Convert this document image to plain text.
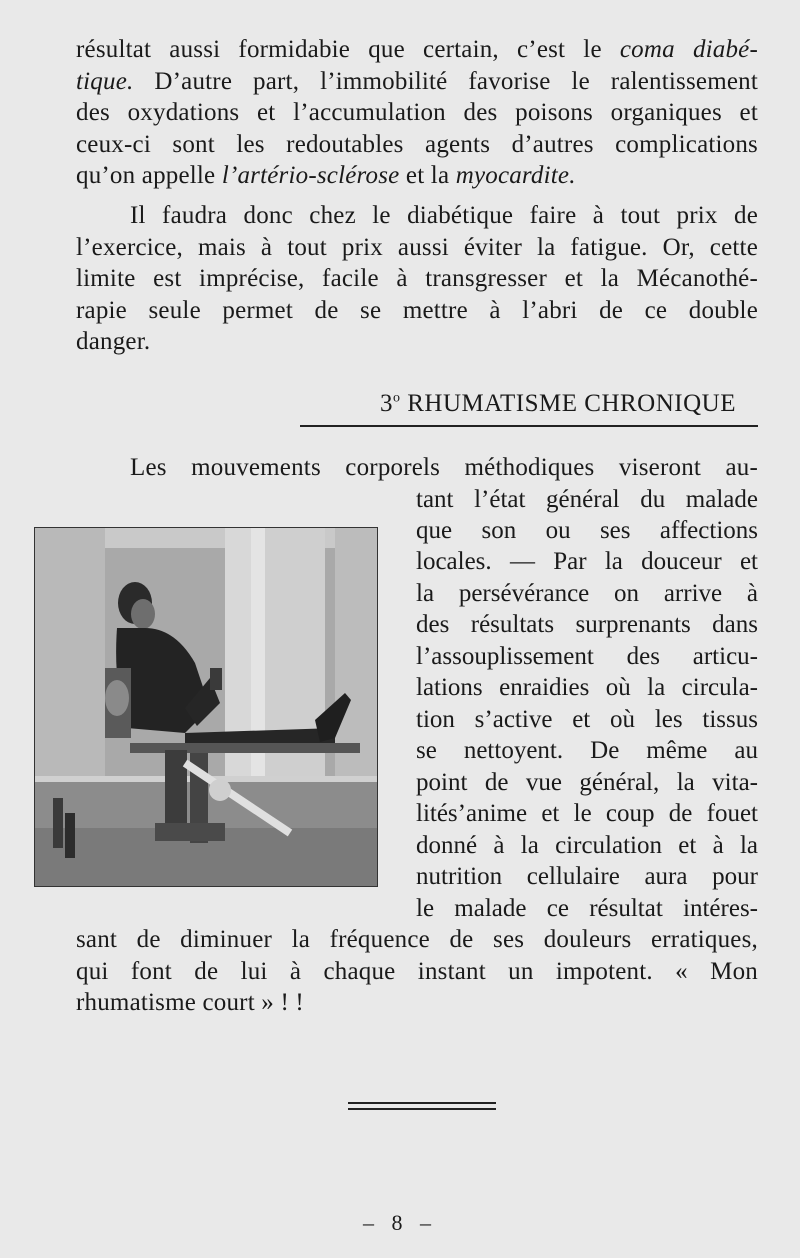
résultat aussi formidabie que certain, c’est le coma diabé-
tique. D’autre part, l’immobilité favorise le ralentissement
des oxydations et l’accumulation des poisons organiques et
ceux-ci sont les redoutables agents d’autres complications
qu’on appelle l’artério-sclérose et la myocardite.
Il faudra donc chez le diabétique faire à tout prix de
l’exercice, mais à tout prix aussi éviter la fatigue. Or, cette
limite est imprécise, facile à transgresser et la Mécanothé-
rapie seule permet de se mettre à l’abri de ce double
danger.
3$^o$ RHUMATISME CHRONIQUE
Les mouvements corporels méthodiques viseront au-
tant l’état général du malade
que son ou ses affections
locales. — Par la douceur et
la persévérance on arrive à
des résultats surprenants dans
l’assouplissement des articu-
lations enraidies où la circula-
tion s’active et où les tissus
se nettoyent. De même au
point de vue général, la vita-
lités’anime et le coup de fouet
donné à la circulation et à la
nutrition cellulaire aura pour
le malade ce résultat intéres-
sant de diminuer la fréquence de ses douleurs erratiques,
qui font de lui à chaque instant un impotent. « Mon
rhumatisme court » ! !
– 8 –
